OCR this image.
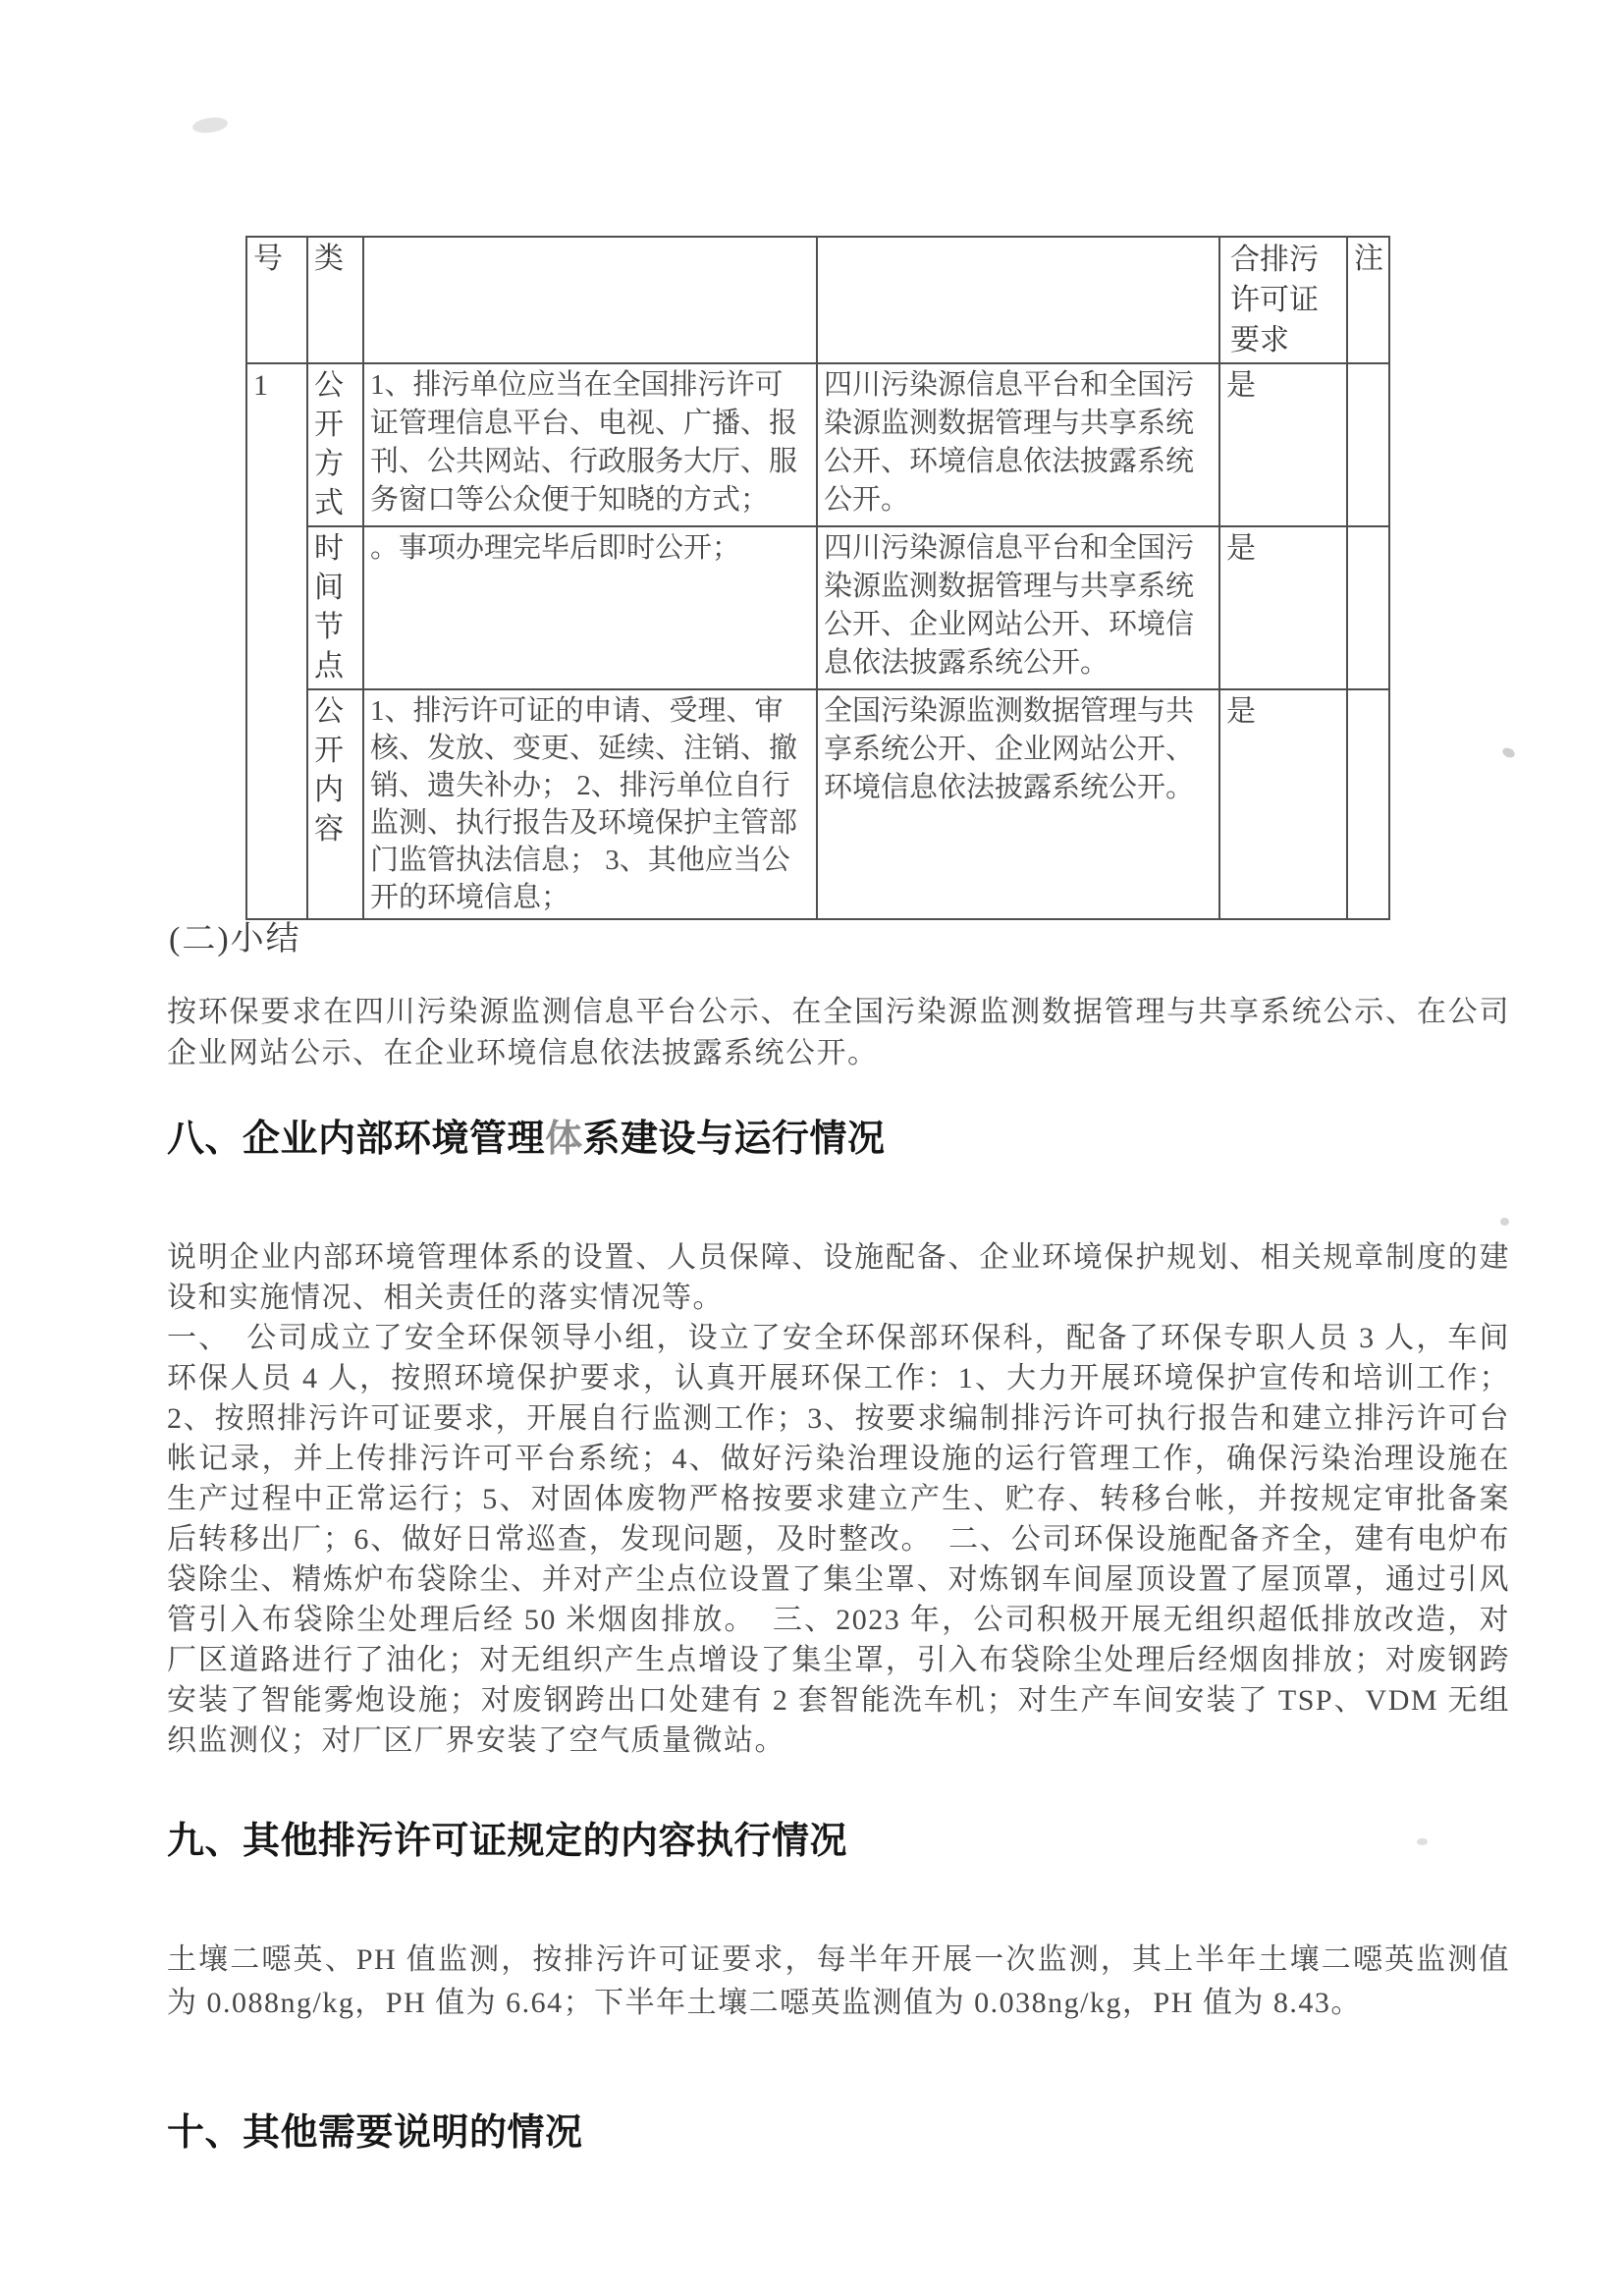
号	类			合排污许可证要求	注
1	公开方式	1、排污单位应当在全国排污许可证管理信息平台、电视、广播、报刊、公共网站、行政服务大厅、服务窗口等公众便于知晓的方式；	四川污染源信息平台和全国污染源监测数据管理与共享系统公开、环境信息依法披露系统公开。	是	
	时间节点	。事项办理完毕后即时公开；	四川污染源信息平台和全国污染源监测数据管理与共享系统公开、企业网站公开、环境信息依法披露系统公开。	是	
	公开内容	1、排污许可证的申请、受理、审核、发放、变更、延续、注销、撤销、遗失补办； 2、排污单位自行监测、执行报告及环境保护主管部门监管执法信息； 3、其他应当公开的环境信息；	全国污染源监测数据管理与共享系统公开、企业网站公开、环境信息依法披露系统公开。	是	
(二)小结

按环保要求在四川污染源监测信息平台公示、在全国污染源监测数据管理与共享系统公示、在公司企业网站公示、在企业环境信息依法披露系统公开。

八、企业内部环境管理体系建设与运行情况

说明企业内部环境管理体系的设置、人员保障、设施配备、企业环境保护规划、相关规章制度的建设和实施情况、相关责任的落实情况等。

一、　公司成立了安全环保领导小组，设立了安全环保部环保科，配备了环保专职人员 3 人，车间环保人员 4 人，按照环境保护要求，认真开展环保工作：1、大力开展环境保护宣传和培训工作；2、按照排污许可证要求，开展自行监测工作；3、按要求编制排污许可执行报告和建立排污许可台帐记录，并上传排污许可平台系统；4、做好污染治理设施的运行管理工作，确保污染治理设施在生产过程中正常运行；5、对固体废物严格按要求建立产生、贮存、转移台帐，并按规定审批备案后转移出厂；6、做好日常巡查，发现问题，及时整改。　二、公司环保设施配备齐全，建有电炉布袋除尘、精炼炉布袋除尘、并对产尘点位设置了集尘罩、对炼钢车间屋顶设置了屋顶罩，通过引风管引入布袋除尘处理后经 50 米烟囱排放。　三、2023 年，公司积极开展无组织超低排放改造，对厂区道路进行了油化；对无组织产生点增设了集尘罩，引入布袋除尘处理后经烟囱排放；对废钢跨安装了智能雾炮设施；对废钢跨出口处建有 2 套智能洗车机；对生产车间安装了 TSP、VDM 无组织监测仪；对厂区厂界安装了空气质量微站。

九、其他排污许可证规定的内容执行情况

土壤二噁英、PH 值监测，按排污许可证要求，每半年开展一次监测，其上半年土壤二噁英监测值为 0.088ng/kg，PH 值为 6.64；下半年土壤二噁英监测值为 0.038ng/kg，PH 值为 8.43。

十、其他需要说明的情况
